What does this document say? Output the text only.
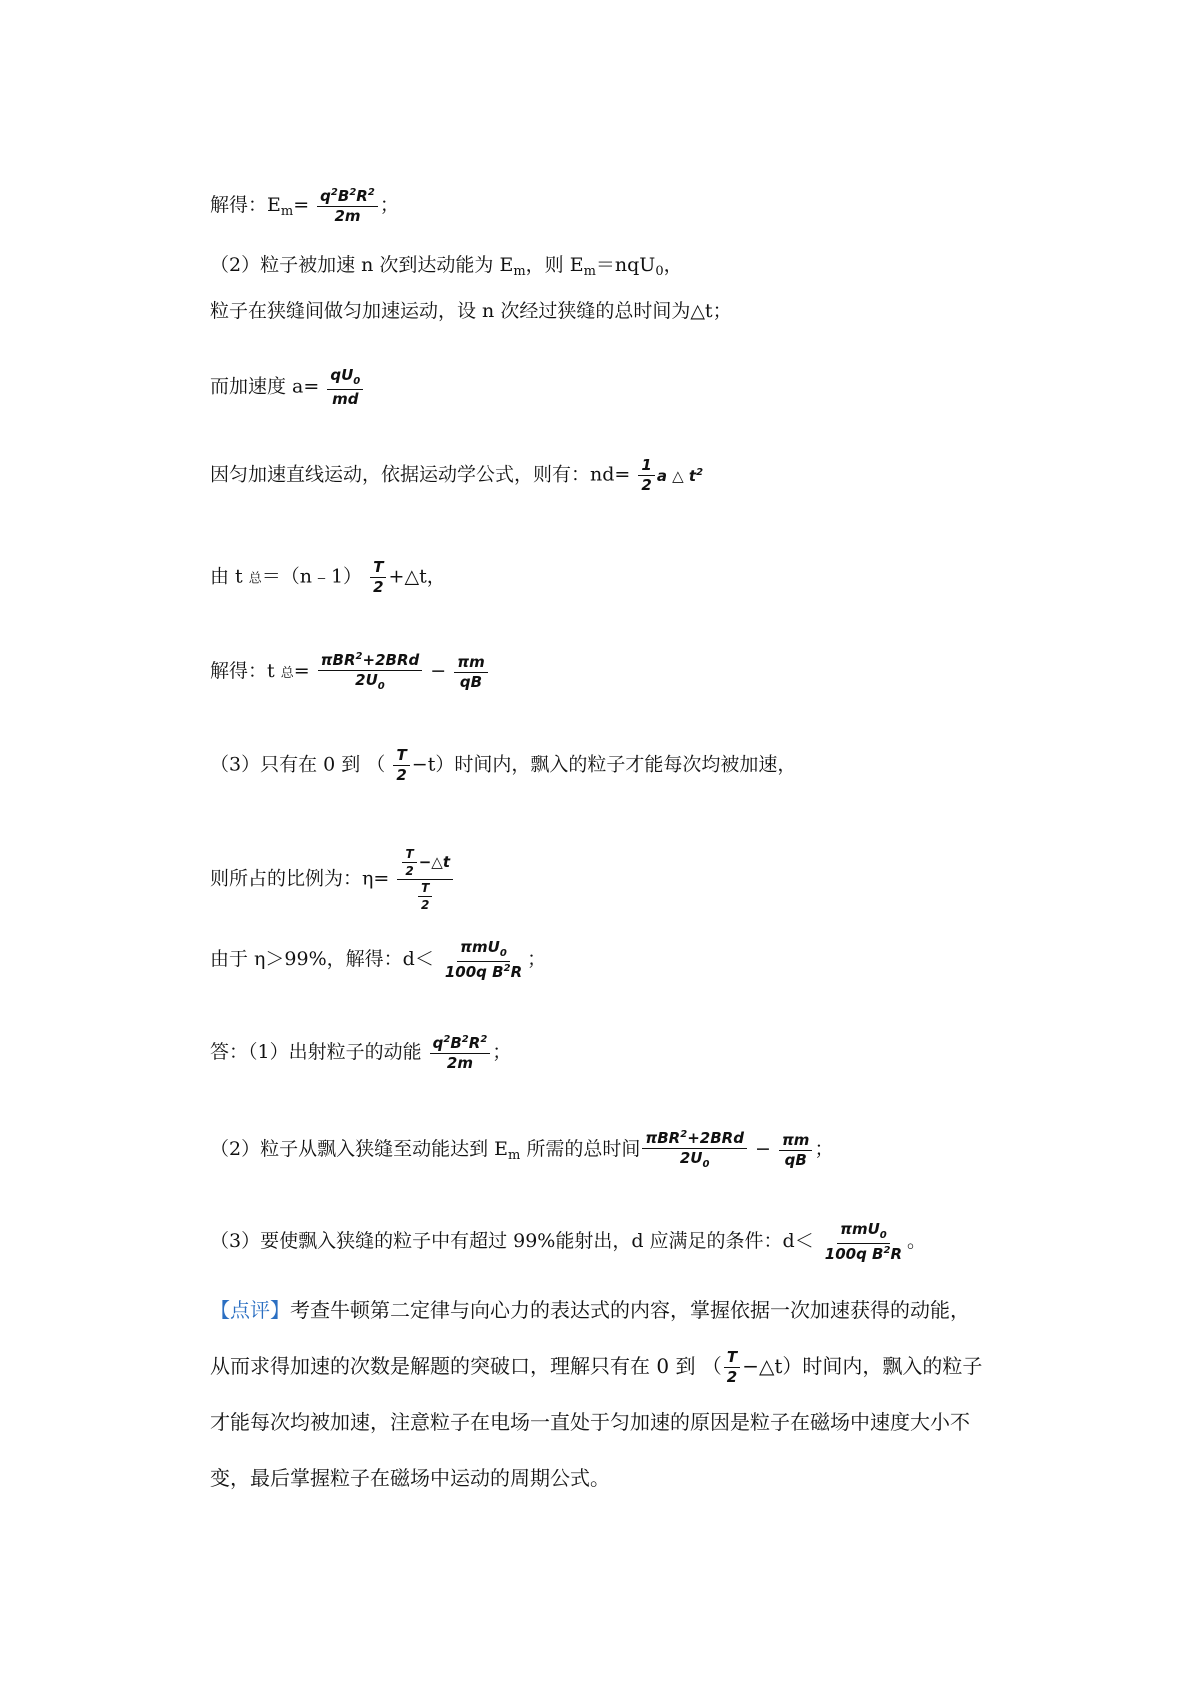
解得：$E_m= \frac{q^2B^2R^2}{2m}$ ；
（2）粒子被加速 n 次到达动能为 $E_m$，则 $E_m=nqU_0$，
粒子在狭缝间做匀加速运动，设 n 次经过狭缝的总时间为△t；
而加速度 $a= \frac{qU_0}{md}$
因匀加速直线运动，依据运动学公式，则有：$nd= \frac{1}{2}$ a △ $t^2$
由 t 总＝（n﹣1） $\frac{T}{2}$ +△t，
解得：t 总= $\frac{\pi BR^2+2BRd}{2U_0} - \frac{\pi m}{qB}$
（3）只有在 0 到 （ $\frac{T}{2} -t$）时间内，飘入的粒子才能每次均被加速，
则所占的比例为：$\eta= \frac{\frac{T}{2} -\triangle t}{\frac{T}{2}}$
由于 η＞99%，解得：$d< \frac{\pi mU_0}{100q B^2R}$ ；
答：（1）出射粒子的动能 $\frac{q^2B^2R^2}{2m}$ ；
（2）粒子从飘入狭缝至动能达到 $E_m$ 所需的总时间 $\frac{\pi BR^2+2BRd}{2U_0} - \frac{\pi m}{qB}$ ；
（3）要使飘入狭缝的粒子中有超过 99%能射出，d 应满足的条件：$d< \frac{\pi mU_0}{100q B^2R}$ 。
【点评】考查牛顿第二定律与向心力的表达式的内容，掌握依据一次加速获得的动能，
从而求得加速的次数是解题的突破口，理解只有在 0 到 （ $\frac{T}{2}$ −△t）时间内，飘入的粒子
才能每次均被加速，注意粒子在电场一直处于匀加速的原因是粒子在磁场中速度大小不
变，最后掌握粒子在磁场中运动的周期公式。
